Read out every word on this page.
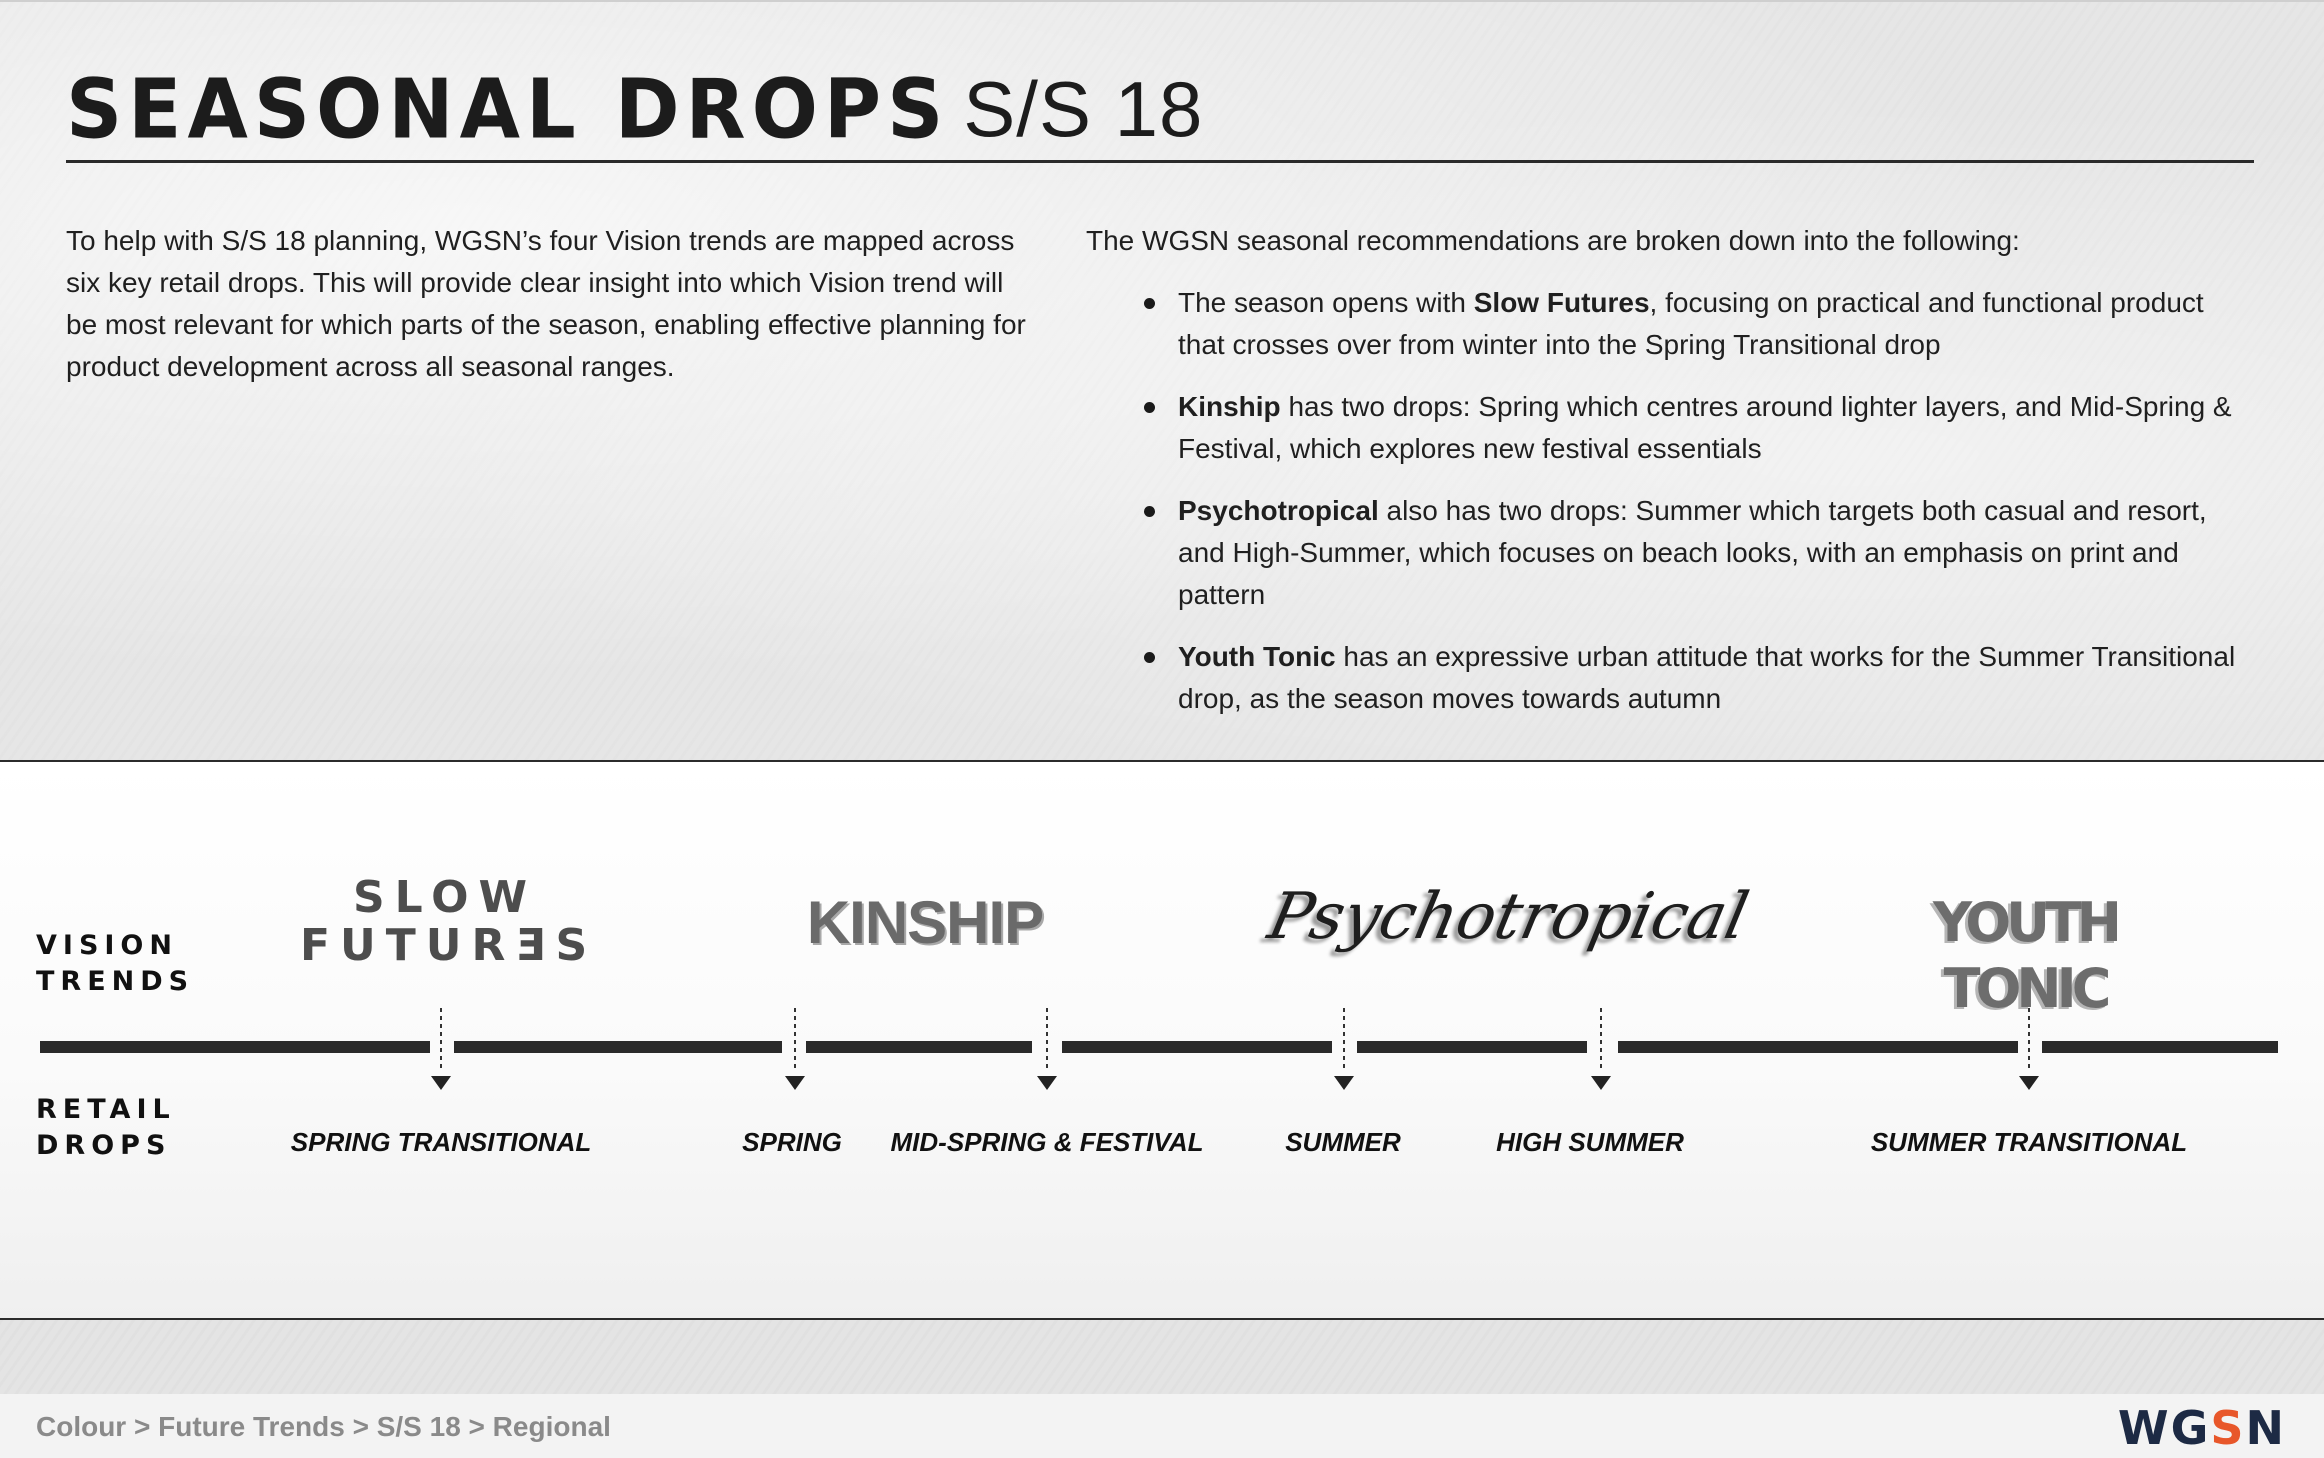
SEASONAL DROPS S/S 18

To help with S/S 18 planning, WGSN’s four Vision trends are mapped across six key retail drops. This will provide clear insight into which Vision trend will be most relevant for which parts of the season, enabling effective planning for product development across all seasonal ranges.

The WGSN seasonal recommendations are broken down into the following:

The season opens with Slow Futures, focusing on practical and functional product that crosses over from winter into the Spring Transitional drop
Kinship has two drops: Spring which centres around lighter layers, and Mid-Spring & Festival, which explores new festival essentials
Psychotropical also has two drops: Summer which targets both casual and resort, and High-Summer, which focuses on beach looks, with an emphasis on print and pattern
Youth Tonic has an expressive urban attitude that works for the Summer Transitional drop, as the season moves towards autumn
VISION
TRENDS
RETAIL
DROPS
SLOW
FUTURƎS	KINSHIP	Psychotropical	YOUTH TONIC
SPRING TRANSITIONAL	SPRING MID-SPRING & FESTIVAL	SUMMER	HIGH SUMMER	SUMMER TRANSITIONAL
Colour > Future Trends > S/S 18 > Regional	WGSN
